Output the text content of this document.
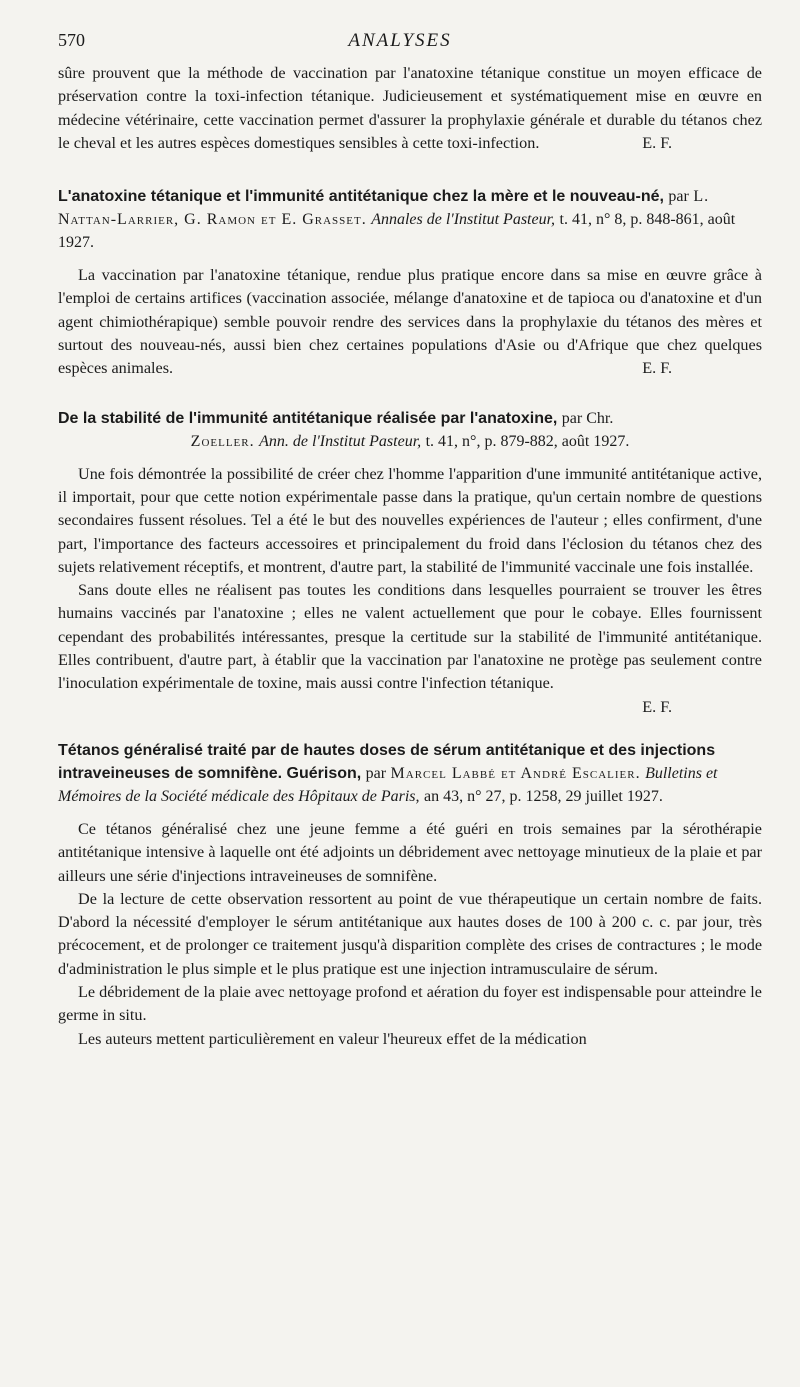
570	ANALYSES

sûre prouvent que la méthode de vaccination par l'anatoxine tétanique constitue un moyen efficace de préservation contre la toxi-infection tétanique. Judicieusement et systématiquement mise en œuvre en médecine vétérinaire, cette vaccination permet d'assurer la prophylaxie générale et durable du tétanos chez le cheval et les autres espèces domestiques sensibles à cette toxi-infection.	E. F.

L'anatoxine tétanique et l'immunité antitétanique chez la mère et le nouveau-né, par L. Nattan-Larrier, G. Ramon et E. Grasset. Annales de l'Institut Pasteur, t. 41, n° 8, p. 848-861, août 1927.

La vaccination par l'anatoxine tétanique, rendue plus pratique encore dans sa mise en œuvre grâce à l'emploi de certains artifices (vaccination associée, mélange d'anatoxine et de tapioca ou d'anatoxine et d'un agent chimiothérapique) semble pouvoir rendre des services dans la prophylaxie du tétanos des mères et surtout des nouveau-nés, aussi bien chez certaines populations d'Asie ou d'Afrique que chez quelques espèces animales.	E. F.

De la stabilité de l'immunité antitétanique réalisée par l'anatoxine, par Chr.
Zoeller. Ann. de l'Institut Pasteur, t. 41, n°, p. 879-882, août 1927.

Une fois démontrée la possibilité de créer chez l'homme l'apparition d'une immunité antitétanique active, il importait, pour que cette notion expérimentale passe dans la pratique, qu'un certain nombre de questions secondaires fussent résolues. Tel a été le but des nouvelles expériences de l'auteur ; elles confirment, d'une part, l'importance des facteurs accessoires et principalement du froid dans l'éclosion du tétanos chez des sujets relativement réceptifs, et montrent, d'autre part, la stabilité de l'immunité vaccinale une fois installée.

Sans doute elles ne réalisent pas toutes les conditions dans lesquelles pourraient se trouver les êtres humains vaccinés par l'anatoxine ; elles ne valent actuellement que pour le cobaye. Elles fournissent cependant des probabilités intéressantes, presque la certitude sur la stabilité de l'immunité antitétanique. Elles contribuent, d'autre part, à établir que la vaccination par l'anatoxine ne protège pas seulement contre l'inoculation expérimentale de toxine, mais aussi contre l'infection tétanique.

E. F.

Tétanos généralisé traité par de hautes doses de sérum antitétanique et des injections intraveineuses de somnifène. Guérison, par Marcel Labbé et André Escalier. Bulletins et Mémoires de la Société médicale des Hôpitaux de Paris, an 43, n° 27, p. 1258, 29 juillet 1927.

Ce tétanos généralisé chez une jeune femme a été guéri en trois semaines par la sérothérapie antitétanique intensive à laquelle ont été adjoints un débridement avec nettoyage minutieux de la plaie et par ailleurs une série d'injections intraveineuses de somnifène.

De la lecture de cette observation ressortent au point de vue thérapeutique un certain nombre de faits. D'abord la nécessité d'employer le sérum antitétanique aux hautes doses de 100 à 200 c. c. par jour, très précocement, et de prolonger ce traitement jusqu'à disparition complète des crises de contractures ; le mode d'administration le plus simple et le plus pratique est une injection intramusculaire de sérum.

Le débridement de la plaie avec nettoyage profond et aération du foyer est indispensable pour atteindre le germe in situ.

Les auteurs mettent particulièrement en valeur l'heureux effet de la médication
